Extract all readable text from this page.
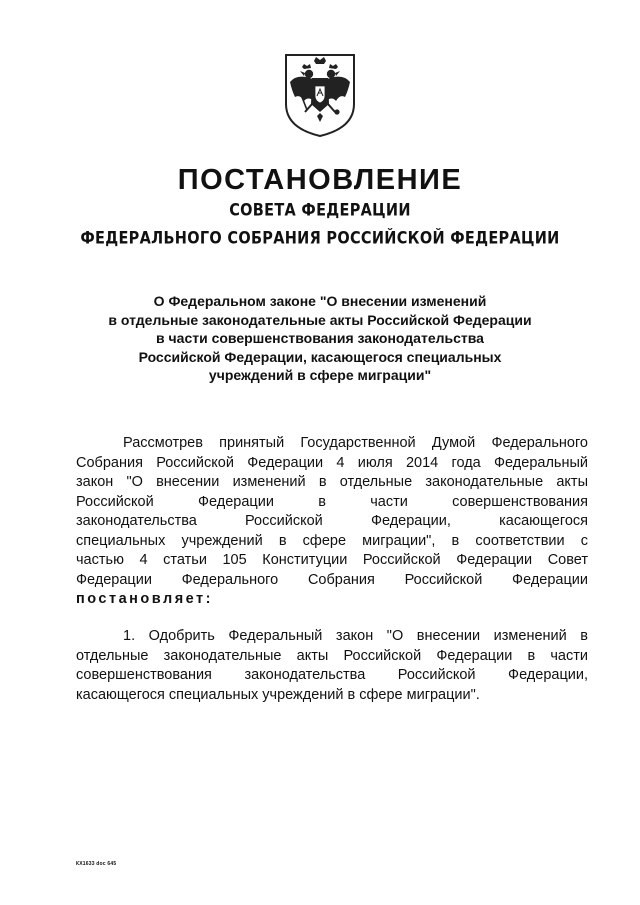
ПОСТАНОВЛЕНИЕ
СОВЕТА ФЕДЕРАЦИИ
ФЕДЕРАЛЬНОГО СОБРАНИЯ РОССИЙСКОЙ ФЕДЕРАЦИИ
О Федеральном законе "О внесении изменений
в отдельные законодательные акты Российской Федерации
в части совершенствования законодательства
Российской Федерации, касающегося специальных
учреждений в сфере миграции"
Рассмотрев принятый Государственной Думой Федерального
Собрания Российской Федерации 4 июля 2014 года Федеральный
закон "О внесении изменений в отдельные законодательные акты
Российской Федерации в части совершенствования
законодательства Российской Федерации, касающегося
специальных учреждений в сфере миграции", в соответствии с
частью 4 статьи 105 Конституции Российской Федерации Совет
Федерации Федерального Собрания Российской Федерации
постановляет:
1. Одобрить Федеральный закон "О внесении изменений в
отдельные законодательные акты Российской Федерации в части
совершенствования законодательства Российской Федерации,
касающегося специальных учреждений в сфере миграции".
КХ1633 doc 645
